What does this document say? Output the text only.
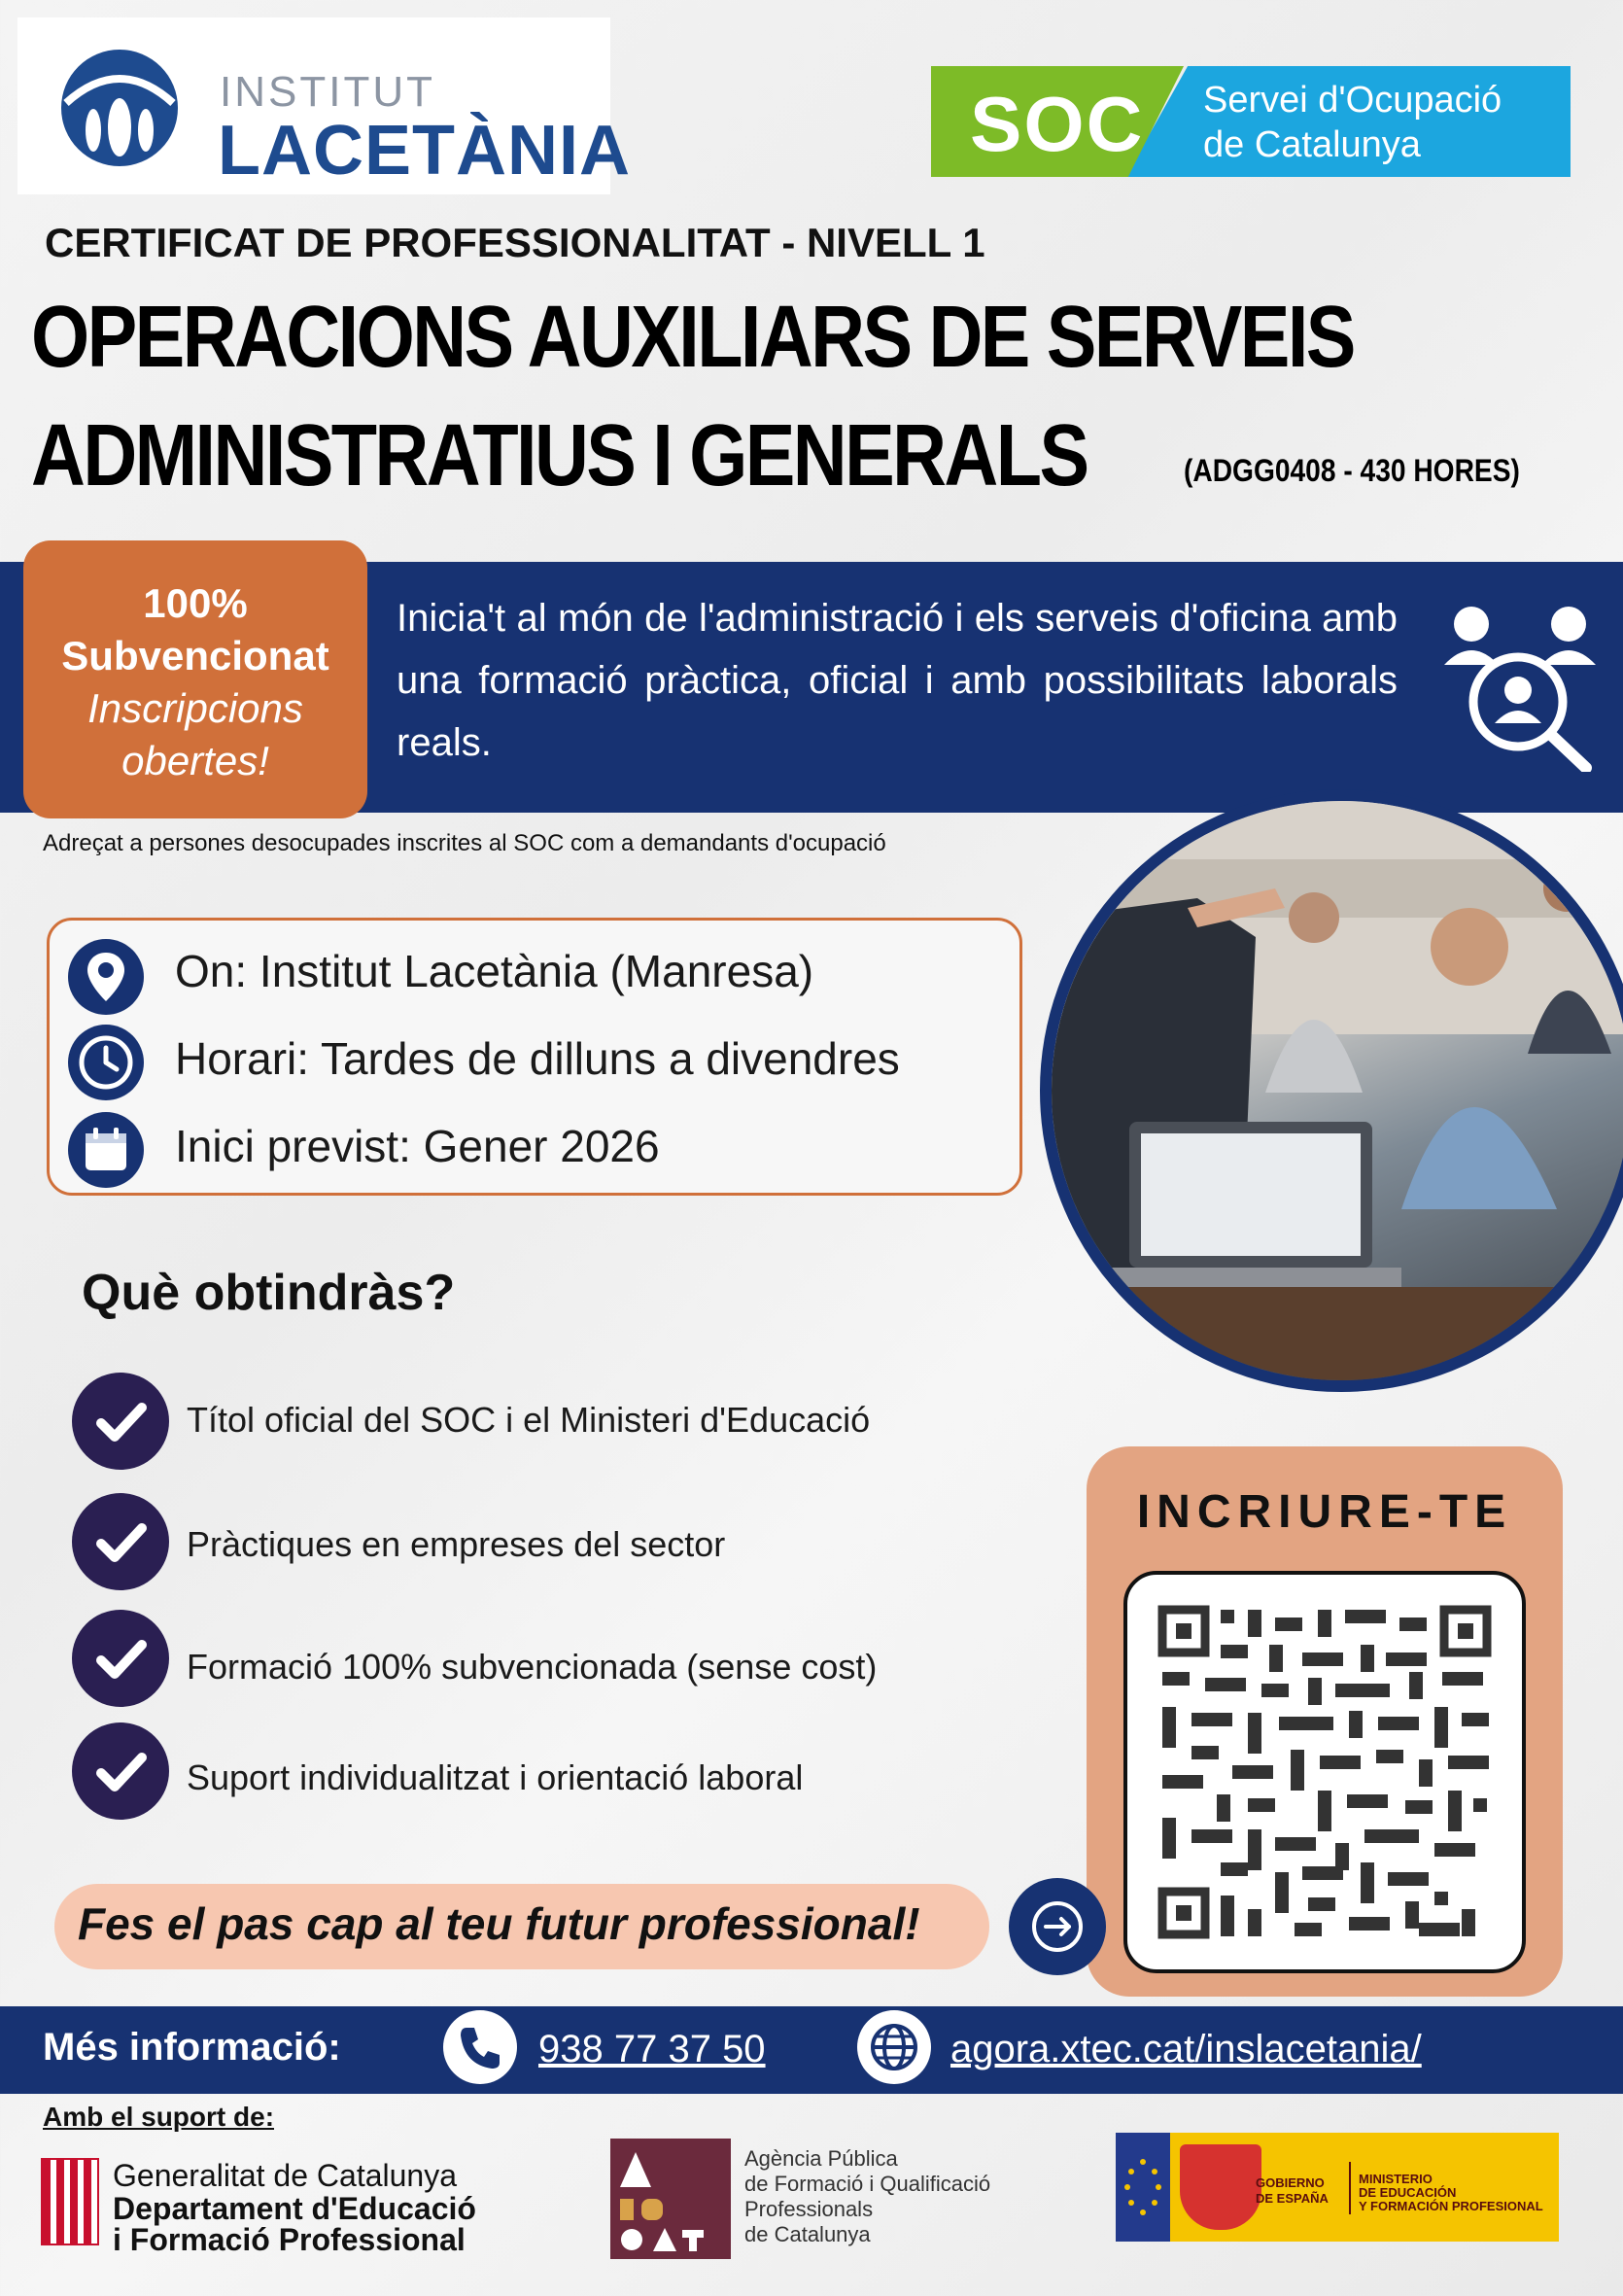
INSTITUT
LACETÀNIA	SOC Servei d'Ocupació
de Catalunya
CERTIFICAT DE PROFESSIONALITAT - NIVELL 1
OPERACIONS AUXILIARS DE SERVEIS
ADMINISTRATIUS I GENERALS	(ADGG0408 - 430 HORES)
100%
Subvencionat
Inscripcions
obertes!
Inicia't al món de l'administració i els serveis d'oficina amb una formació pràctica, oficial i amb possibilitats laborals reals.
Adreçat a persones desocupades inscrites al SOC com a demandants d'ocupació
On: Institut Lacetània (Manresa)
Horari: Tardes de dilluns a divendres
Inici previst: Gener 2026
Què obtindràs?
Títol oficial del SOC i el Ministeri d'Educació
Pràctiques en empreses del sector
Formació 100% subvencionada (sense cost)
Suport individualitzat i orientació laboral
INCRIURE-TE
Fes el pas cap al teu futur professional!
Més informació:	938 77 37 50	agora.xtec.cat/inslacetania/
Amb el suport de:
Generalitat de Catalunya
Departament d'Educació
i Formació Professional
Agència Pública
de Formació i Qualificació
Professionals
de Catalunya
GOBIERNO
DE ESPAÑA
MINISTERIO
DE EDUCACIÓN
Y FORMACIÓN PROFESIONAL
